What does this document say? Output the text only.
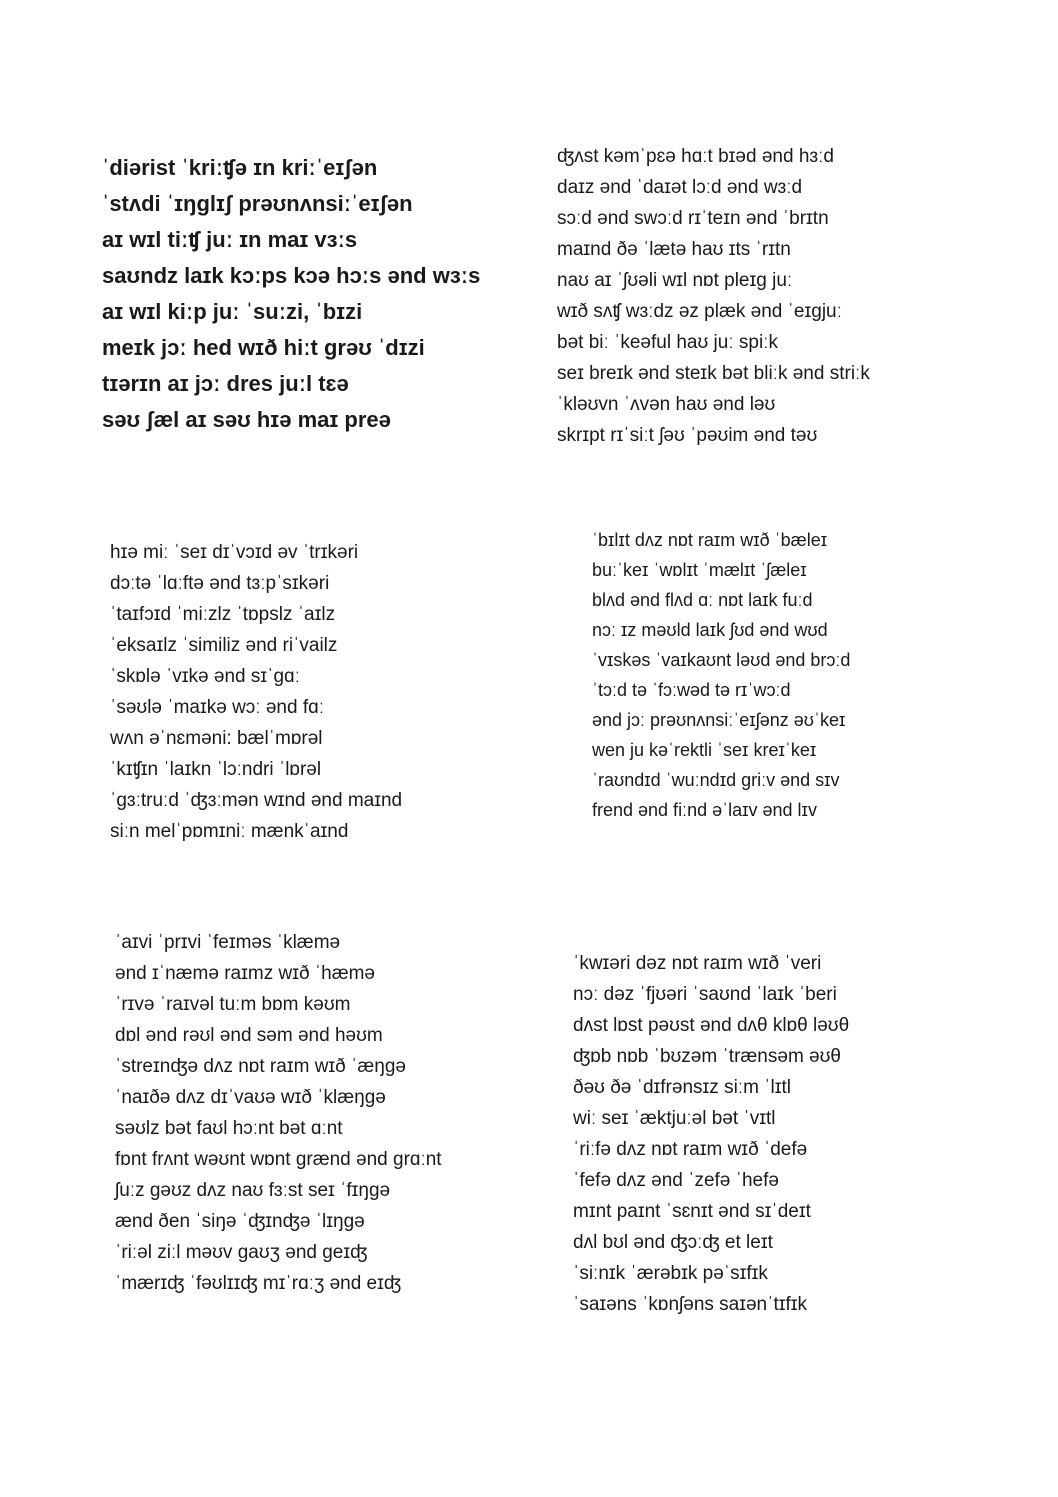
ˈdiərist ˈkriːʧə ɪn kriːˈeɪʃən
ˈstʌdi ˈɪŋglɪʃ prəʊnʌnsiːˈeɪʃən
aɪ wɪl tiːʧ juː ɪn maɪ vɜːs
saʊndz laɪk kɔːps kɔə hɔːs ənd wɜːs
aɪ wɪl kiːp juː ˈsuːzi, ˈbɪzi
meɪk jɔː hed wɪð hiːt grəʊ ˈdɪzi
tɪərɪn aɪ jɔː dres juːl tɛə
səʊ ʃæl aɪ səʊ hɪə maɪ preə
ʤʌst kəmˈpɛə hɑːt bɪəd ənd hɜːd
daɪz ənd ˈdaɪət lɔːd ənd wɜːd
sɔːd ənd swɔːd rɪˈteɪn ənd ˈbrɪtn
maɪnd ðə ˈlætə haʊ ɪts ˈrɪtn
naʊ aɪ ˈʃʊəli wɪl nɒt pleɪg juː
wɪð sʌʧ wɜːdz əz plæk ənd ˈeɪgjuː
bət biː ˈkeəful haʊ juː spiːk
seɪ breɪk ənd steɪk bət bliːk ənd striːk
ˈkləʊvn ˈʌvən haʊ ənd ləʊ
skrɪpt rɪˈsiːt ʃəʊ ˈpəʊim ənd təʊ
hɪə miː ˈseɪ dɪˈvɔɪd əv ˈtrɪkəri
dɔːtə ˈlɑːftə ənd tɜːpˈsɪkəri
ˈtaɪfɔɪd ˈmiːzlz ˈtɒpslz ˈaɪlz
ˈeksaɪlz ˈsimiliz ənd riˈvailz
ˈskɒlə ˈvɪkə ənd sɪˈgɑː
ˈsəʊlə ˈmaɪkə wɔː ənd fɑː
wʌn əˈnɛməni: bælˈmɒrəl
ˈkɪʧɪn ˈlaɪkn ˈlɔːndri ˈlɒrəl
ˈgɜːtruːd ˈʤɜːmən wɪnd ənd maɪnd
siːn melˈpɒmɪniː mænkˈaɪnd
ˈbɪlɪt dʌz nɒt raɪm wɪð ˈbæleɪ
buːˈkeɪ ˈwɒlɪt ˈmælɪt ˈʃæleɪ
blʌd ənd flʌd ɑː nɒt laɪk fuːd
nɔː ɪz məʊld laɪk ʃʊd ənd wʊd
ˈvɪskəs ˈvaɪkaʊnt ləʊd ənd brɔːd
ˈtɔːd tə ˈfɔːwəd tə rɪˈwɔːd
ənd jɔː prəʊnʌnsiːˈeɪʃənz əʊˈkeɪ
wen ju kəˈrektli ˈseɪ kreɪˈkeɪ
ˈraʊndɪd ˈwuːndɪd griːv ənd sɪv
frend ənd fiːnd əˈlaɪv ənd lɪv
ˈaɪvi ˈprɪvi ˈfeɪməs ˈklæmə
ənd ɪˈnæmə raɪmz wɪð ˈhæmə
ˈrɪvə ˈraɪvəl tuːm bɒm kəʊm
dɒl ənd rəʊl ənd səm ənd həʊm
ˈstreɪnʤə dʌz nɒt raɪm wɪð ˈæŋgə
ˈnaɪðə dʌz dɪˈvaʊə wɪð ˈklæŋgə
səʊlz bət faʊl hɔːnt bət ɑːnt
fɒnt frʌnt wəʊnt wɒnt grænd ənd grɑːnt
ʃuːz gəʊz dʌz naʊ fɜːst seɪ ˈfɪŋgə
ænd ðen ˈsiŋə ˈʤɪnʤə ˈlɪŋgə
ˈriːəl ziːl məʊv gaʊʒ ənd geɪʤ
ˈmærɪʤ ˈfəʊlɪɪʤ mɪˈrɑːʒ ənd eɪʤ
ˈkwɪəri dəz nɒt raɪm wɪð ˈveri
nɔː dəz ˈfjʊəri ˈsaʊnd ˈlaɪk ˈberi
dʌst lɒst pəʊst ənd dʌθ klɒθ ləʊθ
ʤɒb nɒb ˈbʊzəm ˈtrænsəm əʊθ
ðəʊ ðə ˈdɪfrənsɪz siːm ˈlɪtl
wiː seɪ ˈæktjuːəl bət ˈvɪtl
ˈriːfə dʌz nɒt raɪm wɪð ˈdefə
ˈfefə dʌz ənd ˈzefə ˈhefə
mɪnt paɪnt ˈsɛnɪt ənd sɪˈdeɪt
dʌl bʊl ənd ʤɔːʤ et leɪt
ˈsiːnɪk ˈærəbɪk pəˈsɪfɪk
ˈsaɪəns ˈkɒnʃəns saɪənˈtɪfɪk
